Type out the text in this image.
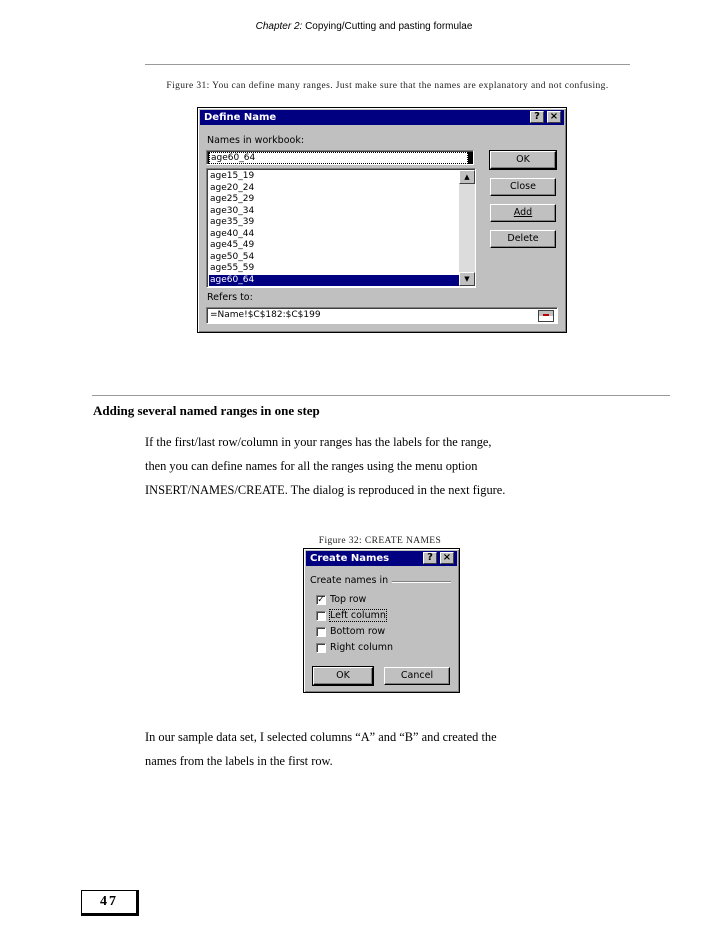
Chapter 2: Copying/Cutting and pasting formulae
Figure 31: You can define many ranges. Just make sure that the names are explanatory and not confusing.
Define Name	? ×
Names in workbook:
age60_64
age15_19
age20_24
age25_29
age30_34
age35_39
age40_44
age45_49
age50_54
age55_59
age60_64
▲
▼
OK
Close
Add
Delete
Refers to:
=Name!$C$182:$C$199
Adding several named ranges in one step
If the first/last row/column in your ranges has the labels for the range,
then you can define names for all the ranges using the menu option
INSERT/NAMES/CREATE. The dialog is reproduced in the next figure.
Figure 32: CREATE NAMES
Create Names	? ×
Create names in
✓ Top row
Left column
Bottom row
Right column
OK	Cancel
In our sample data set, I selected columns “A” and “B” and created the
names from the labels in the first row.
47
